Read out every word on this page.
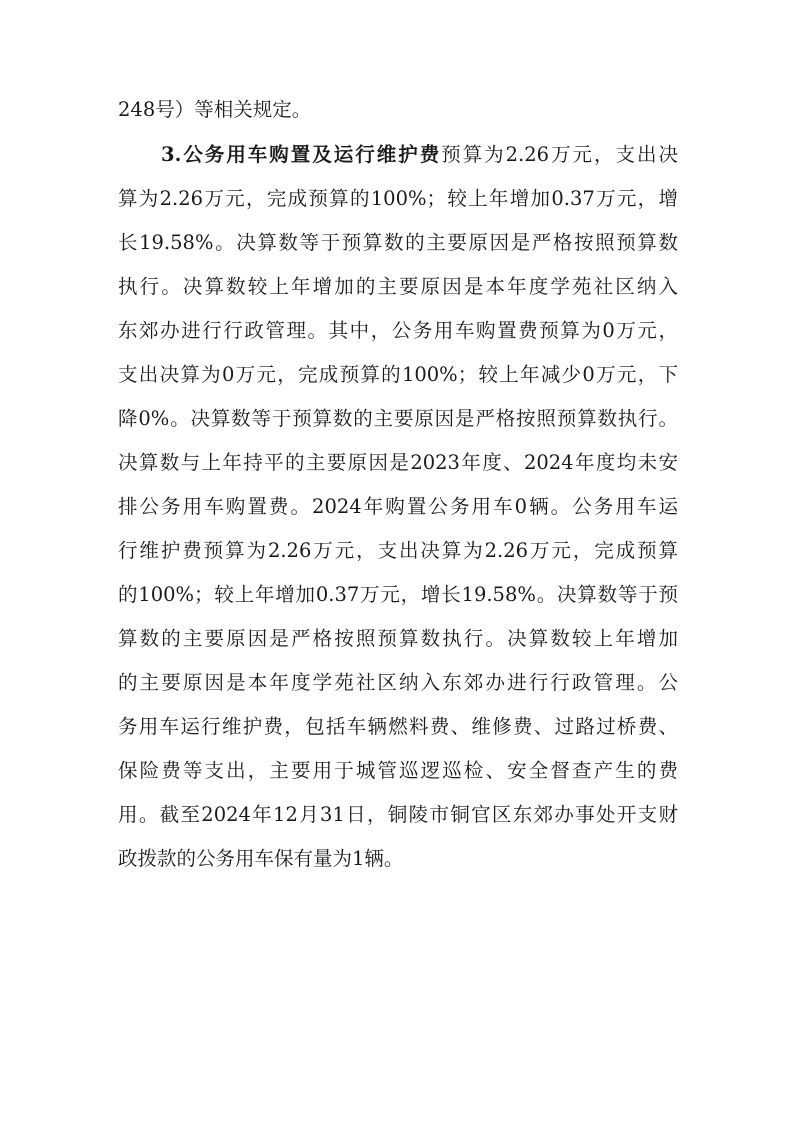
248号）等相关规定。
3.公务用车购置及运行维护费预算为2.26万元，支出决
算为2.26万元，完成预算的100%；较上年增加0.37万元，增
长19.58%。决算数等于预算数的主要原因是严格按照预算数
执行。决算数较上年增加的主要原因是本年度学苑社区纳入
东郊办进行行政管理。其中，公务用车购置费预算为0万元，
支出决算为0万元，完成预算的100%；较上年减少0万元，下
降0%。决算数等于预算数的主要原因是严格按照预算数执行。
决算数与上年持平的主要原因是2023年度、2024年度均未安
排公务用车购置费。2024年购置公务用车0辆。公务用车运
行维护费预算为2.26万元，支出决算为2.26万元，完成预算
的100%；较上年增加0.37万元，增长19.58%。决算数等于预
算数的主要原因是严格按照预算数执行。决算数较上年增加
的主要原因是本年度学苑社区纳入东郊办进行行政管理。公
务用车运行维护费，包括车辆燃料费、维修费、过路过桥费、
保险费等支出，主要用于城管巡逻巡检、安全督查产生的费
用。截至2024年12月31日，铜陵市铜官区东郊办事处开支财
政拨款的公务用车保有量为1辆。
